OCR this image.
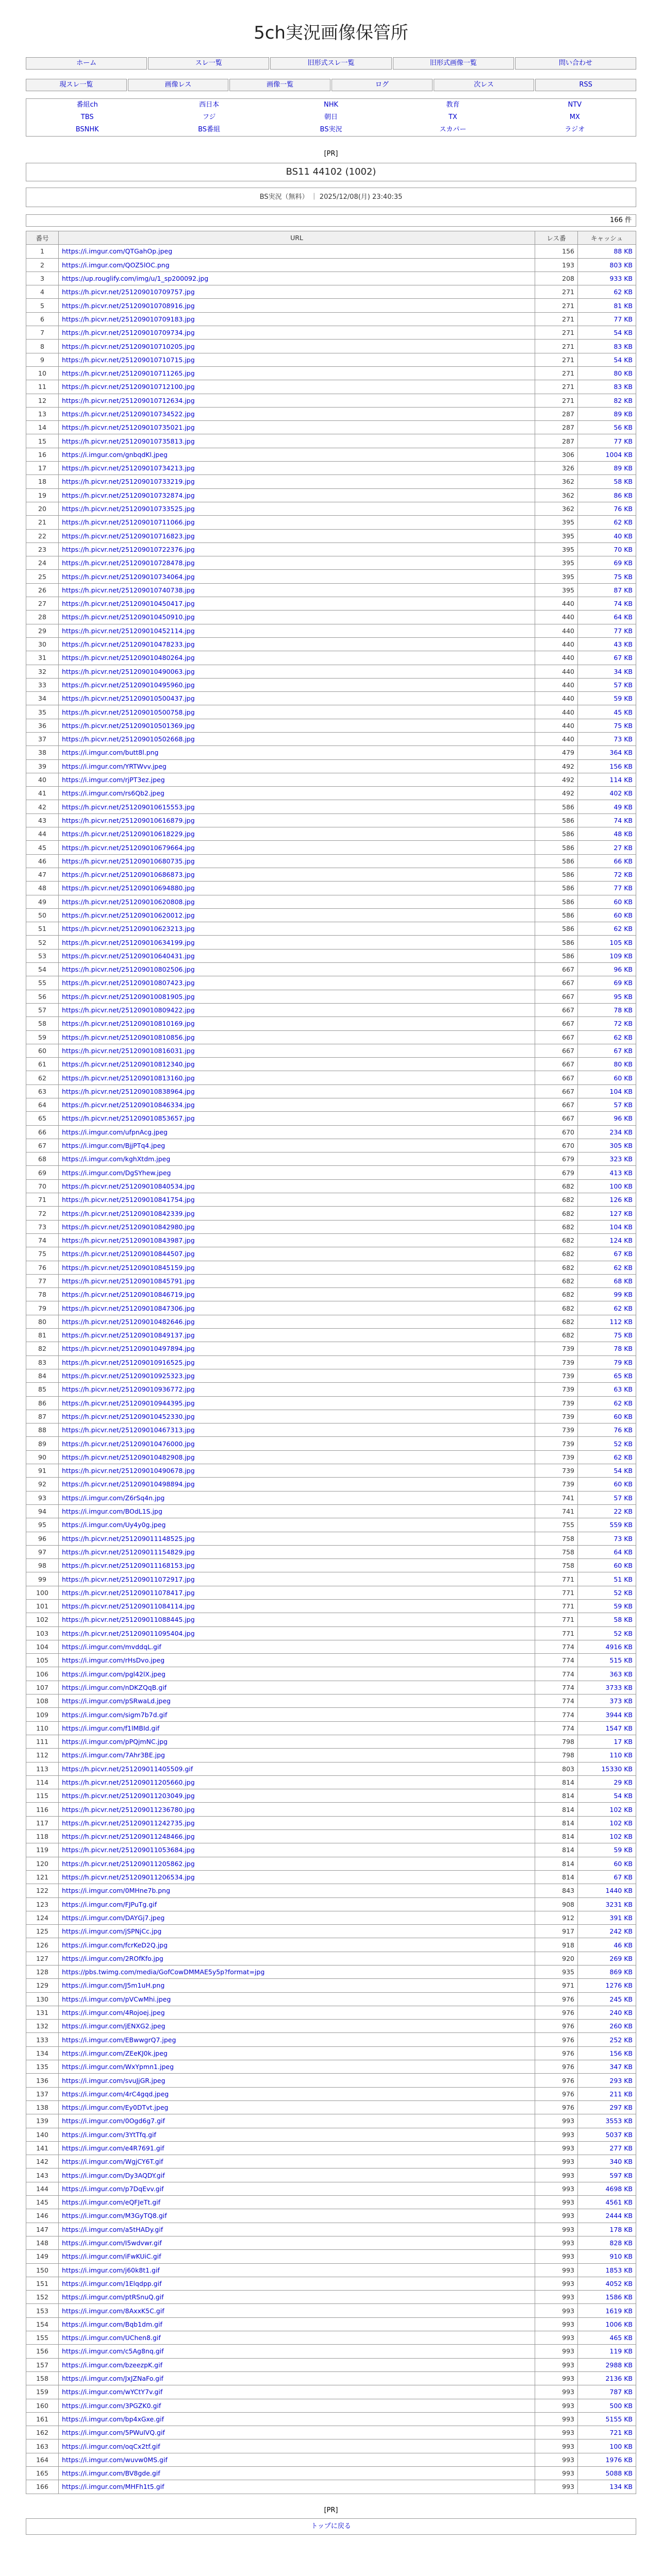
5ch実況画像保管所
ホーム	スレ一覧	旧形式スレ一覧	旧形式画像一覧	問い合わせ
現スレ一覧	画像レス	画像一覧	ログ	次レス	RSS
番組ch	西日本	NHK	教育	NTV
TBS	フジ	朝日	TX	MX
BSNHK	BS番組	BS実況	スカパー	ラジオ
[PR]
BS11 44102 (1002)
BS実況（無料） ｜ 2025/12/08(月) 23:40:35
166 件
番号	URL	レス番	キャッシュ
1	https://i.imgur.com/QTGahOp.jpeg	156	88 KB
2	https://i.imgur.com/QOZ5lOC.png	193	803 KB
3	https://up.rouglify.com/img/u/1_sp200092.jpg	208	933 KB
4	https://h.picvr.net/251209010709757.jpg	271	62 KB
5	https://h.picvr.net/251209010708916.jpg	271	81 KB
6	https://h.picvr.net/251209010709183.jpg	271	77 KB
7	https://h.picvr.net/251209010709734.jpg	271	54 KB
8	https://h.picvr.net/251209010710205.jpg	271	83 KB
9	https://h.picvr.net/251209010710715.jpg	271	54 KB
10	https://h.picvr.net/251209010711265.jpg	271	80 KB
11	https://h.picvr.net/251209010712100.jpg	271	83 KB
12	https://h.picvr.net/251209010712634.jpg	271	82 KB
13	https://h.picvr.net/251209010734522.jpg	287	89 KB
14	https://h.picvr.net/251209010735021.jpg	287	56 KB
15	https://h.picvr.net/251209010735813.jpg	287	77 KB
16	https://i.imgur.com/gnbqdKl.jpeg	306	1004 KB
17	https://h.picvr.net/251209010734213.jpg	326	89 KB
18	https://h.picvr.net/251209010733219.jpg	362	58 KB
19	https://h.picvr.net/251209010732874.jpg	362	86 KB
20	https://h.picvr.net/251209010733525.jpg	362	76 KB
21	https://h.picvr.net/251209010711066.jpg	395	62 KB
22	https://h.picvr.net/251209010716823.jpg	395	40 KB
23	https://h.picvr.net/251209010722376.jpg	395	70 KB
24	https://h.picvr.net/251209010728478.jpg	395	69 KB
25	https://h.picvr.net/251209010734064.jpg	395	75 KB
26	https://h.picvr.net/251209010740738.jpg	395	87 KB
27	https://h.picvr.net/251209010450417.jpg	440	74 KB
28	https://h.picvr.net/251209010450910.jpg	440	64 KB
29	https://h.picvr.net/251209010452114.jpg	440	77 KB
30	https://h.picvr.net/251209010478233.jpg	440	43 KB
31	https://h.picvr.net/251209010480264.jpg	440	67 KB
32	https://h.picvr.net/251209010490063.jpg	440	34 KB
33	https://h.picvr.net/251209010495960.jpg	440	57 KB
34	https://h.picvr.net/251209010500437.jpg	440	59 KB
35	https://h.picvr.net/251209010500758.jpg	440	45 KB
36	https://h.picvr.net/251209010501369.jpg	440	75 KB
37	https://h.picvr.net/251209010502668.jpg	440	73 KB
38	https://i.imgur.com/butt8l.png	479	364 KB
39	https://i.imgur.com/YRTWvv.jpeg	492	156 KB
40	https://i.imgur.com/rjPT3ez.jpeg	492	114 KB
41	https://i.imgur.com/rs6Qb2.jpeg	492	402 KB
42	https://h.picvr.net/251209010615553.jpg	586	49 KB
43	https://h.picvr.net/251209010616879.jpg	586	74 KB
44	https://h.picvr.net/251209010618229.jpg	586	48 KB
45	https://h.picvr.net/251209010679664.jpg	586	27 KB
46	https://h.picvr.net/251209010680735.jpg	586	66 KB
47	https://h.picvr.net/251209010686873.jpg	586	72 KB
48	https://h.picvr.net/251209010694880.jpg	586	77 KB
49	https://h.picvr.net/251209010620808.jpg	586	60 KB
50	https://h.picvr.net/251209010620012.jpg	586	60 KB
51	https://h.picvr.net/251209010623213.jpg	586	62 KB
52	https://h.picvr.net/251209010634199.jpg	586	105 KB
53	https://h.picvr.net/251209010640431.jpg	586	109 KB
54	https://h.picvr.net/251209010802506.jpg	667	96 KB
55	https://h.picvr.net/251209010807423.jpg	667	69 KB
56	https://h.picvr.net/251209010081905.jpg	667	95 KB
57	https://h.picvr.net/251209010809422.jpg	667	78 KB
58	https://h.picvr.net/251209010810169.jpg	667	72 KB
59	https://h.picvr.net/251209010810856.jpg	667	62 KB
60	https://h.picvr.net/251209010816031.jpg	667	67 KB
61	https://h.picvr.net/251209010812340.jpg	667	80 KB
62	https://h.picvr.net/251209010813160.jpg	667	60 KB
63	https://h.picvr.net/251209010838964.jpg	667	104 KB
64	https://h.picvr.net/251209010846334.jpg	667	57 KB
65	https://h.picvr.net/251209010853657.jpg	667	96 KB
66	https://i.imgur.com/ufpnAcg.jpeg	670	234 KB
67	https://i.imgur.com/BjjPTq4.jpeg	670	305 KB
68	https://i.imgur.com/kghXtdm.jpeg	679	323 KB
69	https://i.imgur.com/DgSYhew.jpeg	679	413 KB
70	https://h.picvr.net/251209010840534.jpg	682	100 KB
71	https://h.picvr.net/251209010841754.jpg	682	126 KB
72	https://h.picvr.net/251209010842339.jpg	682	127 KB
73	https://h.picvr.net/251209010842980.jpg	682	104 KB
74	https://h.picvr.net/251209010843987.jpg	682	124 KB
75	https://h.picvr.net/251209010844507.jpg	682	67 KB
76	https://h.picvr.net/251209010845159.jpg	682	62 KB
77	https://h.picvr.net/251209010845791.jpg	682	68 KB
78	https://h.picvr.net/251209010846719.jpg	682	99 KB
79	https://h.picvr.net/251209010847306.jpg	682	62 KB
80	https://h.picvr.net/251209010482646.jpg	682	112 KB
81	https://h.picvr.net/251209010849137.jpg	682	75 KB
82	https://h.picvr.net/251209010497894.jpg	739	78 KB
83	https://h.picvr.net/251209010916525.jpg	739	79 KB
84	https://h.picvr.net/251209010925323.jpg	739	65 KB
85	https://h.picvr.net/251209010936772.jpg	739	63 KB
86	https://h.picvr.net/251209010944395.jpg	739	62 KB
87	https://h.picvr.net/251209010452330.jpg	739	60 KB
88	https://h.picvr.net/251209010467313.jpg	739	76 KB
89	https://h.picvr.net/251209010476000.jpg	739	52 KB
90	https://h.picvr.net/251209010482908.jpg	739	62 KB
91	https://h.picvr.net/251209010490678.jpg	739	54 KB
92	https://h.picvr.net/251209010498894.jpg	739	60 KB
93	https://i.imgur.com/Z6rSq4n.jpg	741	57 KB
94	https://i.imgur.com/BOdL1S.jpg	741	22 KB
95	https://i.imgur.com/Uy4y0g.jpeg	755	559 KB
96	https://h.picvr.net/251209011148525.jpg	758	73 KB
97	https://h.picvr.net/251209011154829.jpg	758	64 KB
98	https://h.picvr.net/251209011168153.jpg	758	60 KB
99	https://h.picvr.net/251209011072917.jpg	771	51 KB
100	https://h.picvr.net/251209011078417.jpg	771	52 KB
101	https://h.picvr.net/251209011084114.jpg	771	59 KB
102	https://h.picvr.net/251209011088445.jpg	771	58 KB
103	https://h.picvr.net/251209011095404.jpg	771	52 KB
104	https://i.imgur.com/mvddqL.gif	774	4916 KB
105	https://i.imgur.com/rHsDvo.jpeg	774	515 KB
106	https://i.imgur.com/pgl42lX.jpeg	774	363 KB
107	https://i.imgur.com/nDKZQqB.gif	774	3733 KB
108	https://i.imgur.com/pSRwaLd.jpeg	774	373 KB
109	https://i.imgur.com/sigm7b7d.gif	774	3944 KB
110	https://i.imgur.com/f1lMBId.gif	774	1547 KB
111	https://i.imgur.com/pPQjmNC.jpg	798	17 KB
112	https://i.imgur.com/7Ahr3BE.jpg	798	110 KB
113	https://h.picvr.net/251209011405509.gif	803	15330 KB
114	https://h.picvr.net/251209011205660.jpg	814	29 KB
115	https://h.picvr.net/251209011203049.jpg	814	54 KB
116	https://h.picvr.net/251209011236780.jpg	814	102 KB
117	https://h.picvr.net/251209011242735.jpg	814	102 KB
118	https://h.picvr.net/251209011248466.jpg	814	102 KB
119	https://h.picvr.net/251209011053684.jpg	814	59 KB
120	https://h.picvr.net/251209011205862.jpg	814	60 KB
121	https://h.picvr.net/251209011206534.jpg	814	67 KB
122	https://i.imgur.com/0MHne7b.png	843	1440 KB
123	https://i.imgur.com/FJPuTg.gif	908	3231 KB
124	https://i.imgur.com/DAYGj7.jpeg	912	391 KB
125	https://i.imgur.com/jSPNjCc.jpg	917	242 KB
126	https://i.imgur.com/fcrKeD2Q.jpg	918	46 KB
127	https://i.imgur.com/2ROfKfo.jpg	920	269 KB
128	https://pbs.twimg.com/media/GofCowDMMAE5y5p?format=jpg	935	869 KB
129	https://i.imgur.com/J5m1uH.png	971	1276 KB
130	https://i.imgur.com/pVCwMhi.jpeg	976	245 KB
131	https://i.imgur.com/4Rojoej.jpeg	976	240 KB
132	https://i.imgur.com/jENXG2.jpeg	976	260 KB
133	https://i.imgur.com/EBwwgrQ7.jpeg	976	252 KB
134	https://i.imgur.com/ZEeKJ0k.jpeg	976	156 KB
135	https://i.imgur.com/WxYpmn1.jpeg	976	347 KB
136	https://i.imgur.com/svuJjGR.jpeg	976	293 KB
137	https://i.imgur.com/4rC4gqd.jpeg	976	211 KB
138	https://i.imgur.com/Ey0DTvt.jpeg	976	297 KB
139	https://i.imgur.com/0Ogd6g7.gif	993	3553 KB
140	https://i.imgur.com/3YtTfq.gif	993	5037 KB
141	https://i.imgur.com/e4R7691.gif	993	277 KB
142	https://i.imgur.com/WgjCY6T.gif	993	340 KB
143	https://i.imgur.com/Dy3AQDY.gif	993	597 KB
144	https://i.imgur.com/p7DqEvv.gif	993	4698 KB
145	https://i.imgur.com/eQFJeTt.gif	993	4561 KB
146	https://i.imgur.com/M3GyTQ8.gif	993	2444 KB
147	https://i.imgur.com/a5tHADy.gif	993	178 KB
148	https://i.imgur.com/I5wdvwr.gif	993	828 KB
149	https://i.imgur.com/iFwKUiC.gif	993	910 KB
150	https://i.imgur.com/j60k8t1.gif	993	1853 KB
151	https://i.imgur.com/1Elqdpp.gif	993	4052 KB
152	https://i.imgur.com/ptRSnuQ.gif	993	1586 KB
153	https://i.imgur.com/8AxxK5C.gif	993	1619 KB
154	https://i.imgur.com/Bqb1dm.gif	993	1006 KB
155	https://i.imgur.com/UChen8.gif	993	465 KB
156	https://i.imgur.com/c5Ag8nq.gif	993	119 KB
157	https://i.imgur.com/bzeezpK.gif	993	2988 KB
158	https://i.imgur.com/JxJZNaFo.gif	993	2136 KB
159	https://i.imgur.com/wYCtY7v.gif	993	787 KB
160	https://i.imgur.com/3PGZK0.gif	993	500 KB
161	https://i.imgur.com/bp4xGxe.gif	993	5155 KB
162	https://i.imgur.com/5PWuIVQ.gif	993	721 KB
163	https://i.imgur.com/oqCx2tf.gif	993	100 KB
164	https://i.imgur.com/wuvw0MS.gif	993	1976 KB
165	https://i.imgur.com/BV8gde.gif	993	5088 KB
166	https://i.imgur.com/MHFh1t5.gif	993	134 KB
[PR]
トップに戻る
